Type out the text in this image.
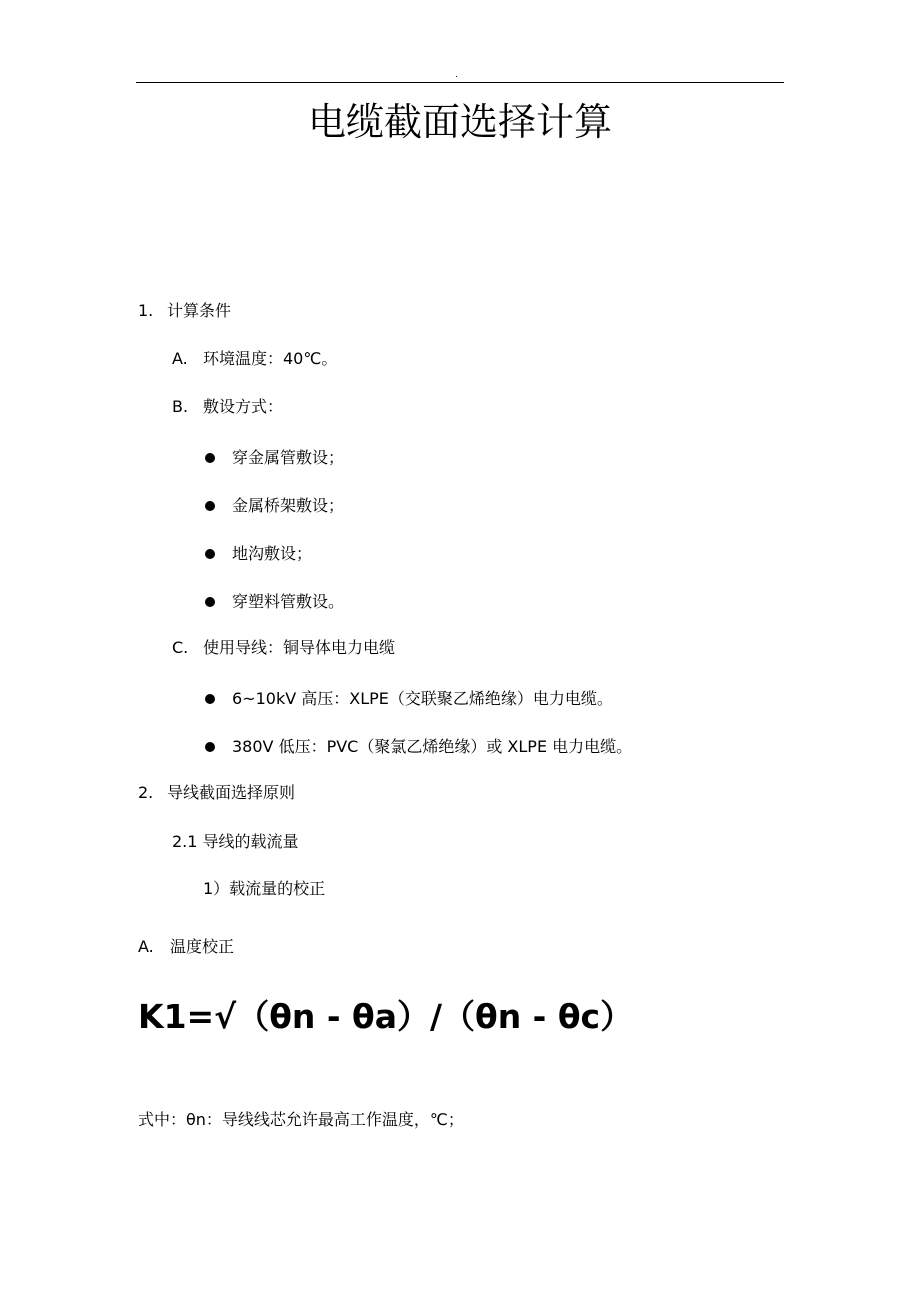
.
电缆截面选择计算
1. 计算条件
A. 环境温度：40℃。
B. 敷设方式：
穿金属管敷设；
金属桥架敷设；
地沟敷设；
穿塑料管敷设。
C. 使用导线：铜导体电力电缆
6~10kV 高压：XLPE（交联聚乙烯绝缘）电力电缆。
380V 低压：PVC（聚氯乙烯绝缘）或 XLPE 电力电缆。
2. 导线截面选择原则
2.1 导线的载流量
1）载流量的校正
A. 温度校正
K1=√（θn - θa）/（θn - θc）
式中：θn：导线线芯允许最高工作温度，℃；
